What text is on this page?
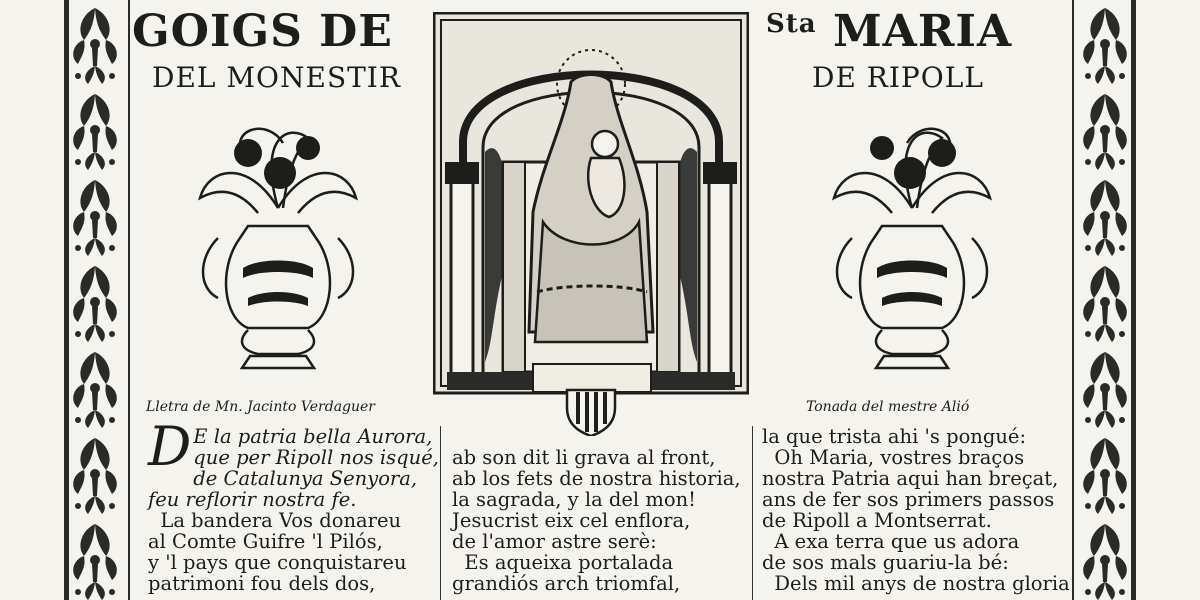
GOIGS DE	$^{Sta}$ MARIA
DEL MONESTIR	DE RIPOLL
Lletra de Mn. Jacinto Verdaguer	Tonada del mestre Alió
D E la patria bella Aurora,
que per Ripoll nos isqué,
de Catalunya Senyora,
feu reflorir nostra fe.
La bandera Vos donareu
al Comte Guifre 'l Pilós,
y 'l pays que conquistareu
patrimoni fou dels dos,
ab son dit li grava al front,
ab los fets de nostra historia,
la sagrada, y la del mon!
Jesucrist eix cel enflora,
de l'amor astre serè:
Es aqueixa portalada
grandiós arch triomfal,
la que trista ahi 's pongué:
Oh Maria, vostres braços
nostra Patria aqui han breçat,
ans de fer sos primers passos
de Ripoll a Montserrat.
A exa terra que us adora
de sos mals guariu-la bé:
Dels mil anys de nostra gloria
